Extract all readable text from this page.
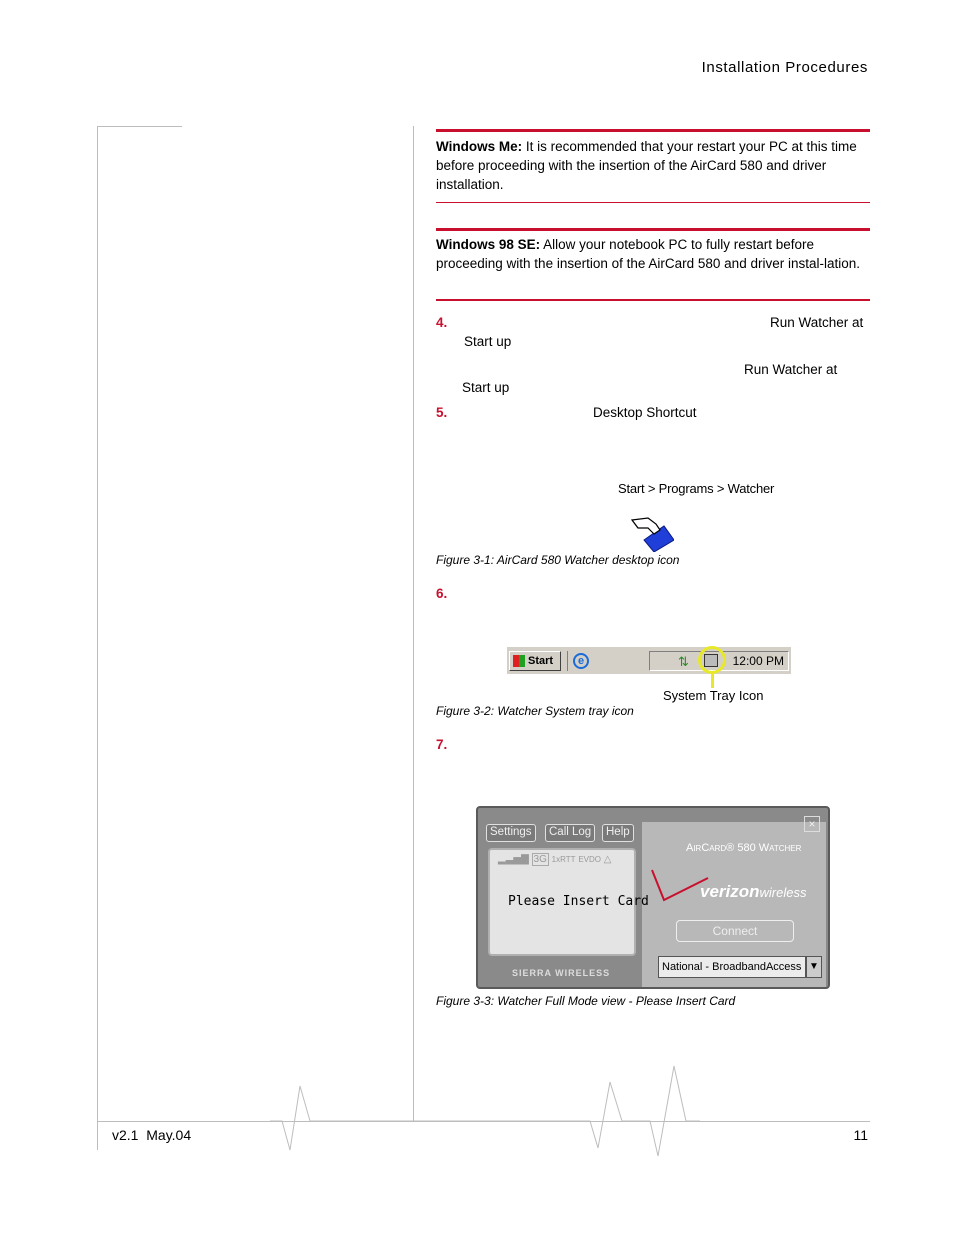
Installation Procedures
Windows Me: It is recommended that your restart your PC at this time before proceeding with the insertion of the AirCard 580 and driver installation.
Windows 98 SE: Allow your notebook PC to fully restart before proceeding with the insertion of the AirCard 580 and driver instal-lation.
4.	Run Watcher at
Start up
Run Watcher at
Start up
5.	Desktop Shortcut
Start > Programs > Watcher
Figure 3-1: AirCard 580 Watcher desktop icon
6.
Start	e	⇅	12:00 PM
System Tray Icon
Figure 3-2: Watcher System tray icon
7.
Settings	Call Log	Help
×
AirCard® 580 Watcher
▂▃▅▇ 3G 1xRTT EVDO △
Please Insert Card
SIERRA WIRELESS
verizonwireless
Connect
National - BroadbandAccess ▼
Figure 3-3: Watcher Full Mode view - Please Insert Card
v2.1  May.04	11
